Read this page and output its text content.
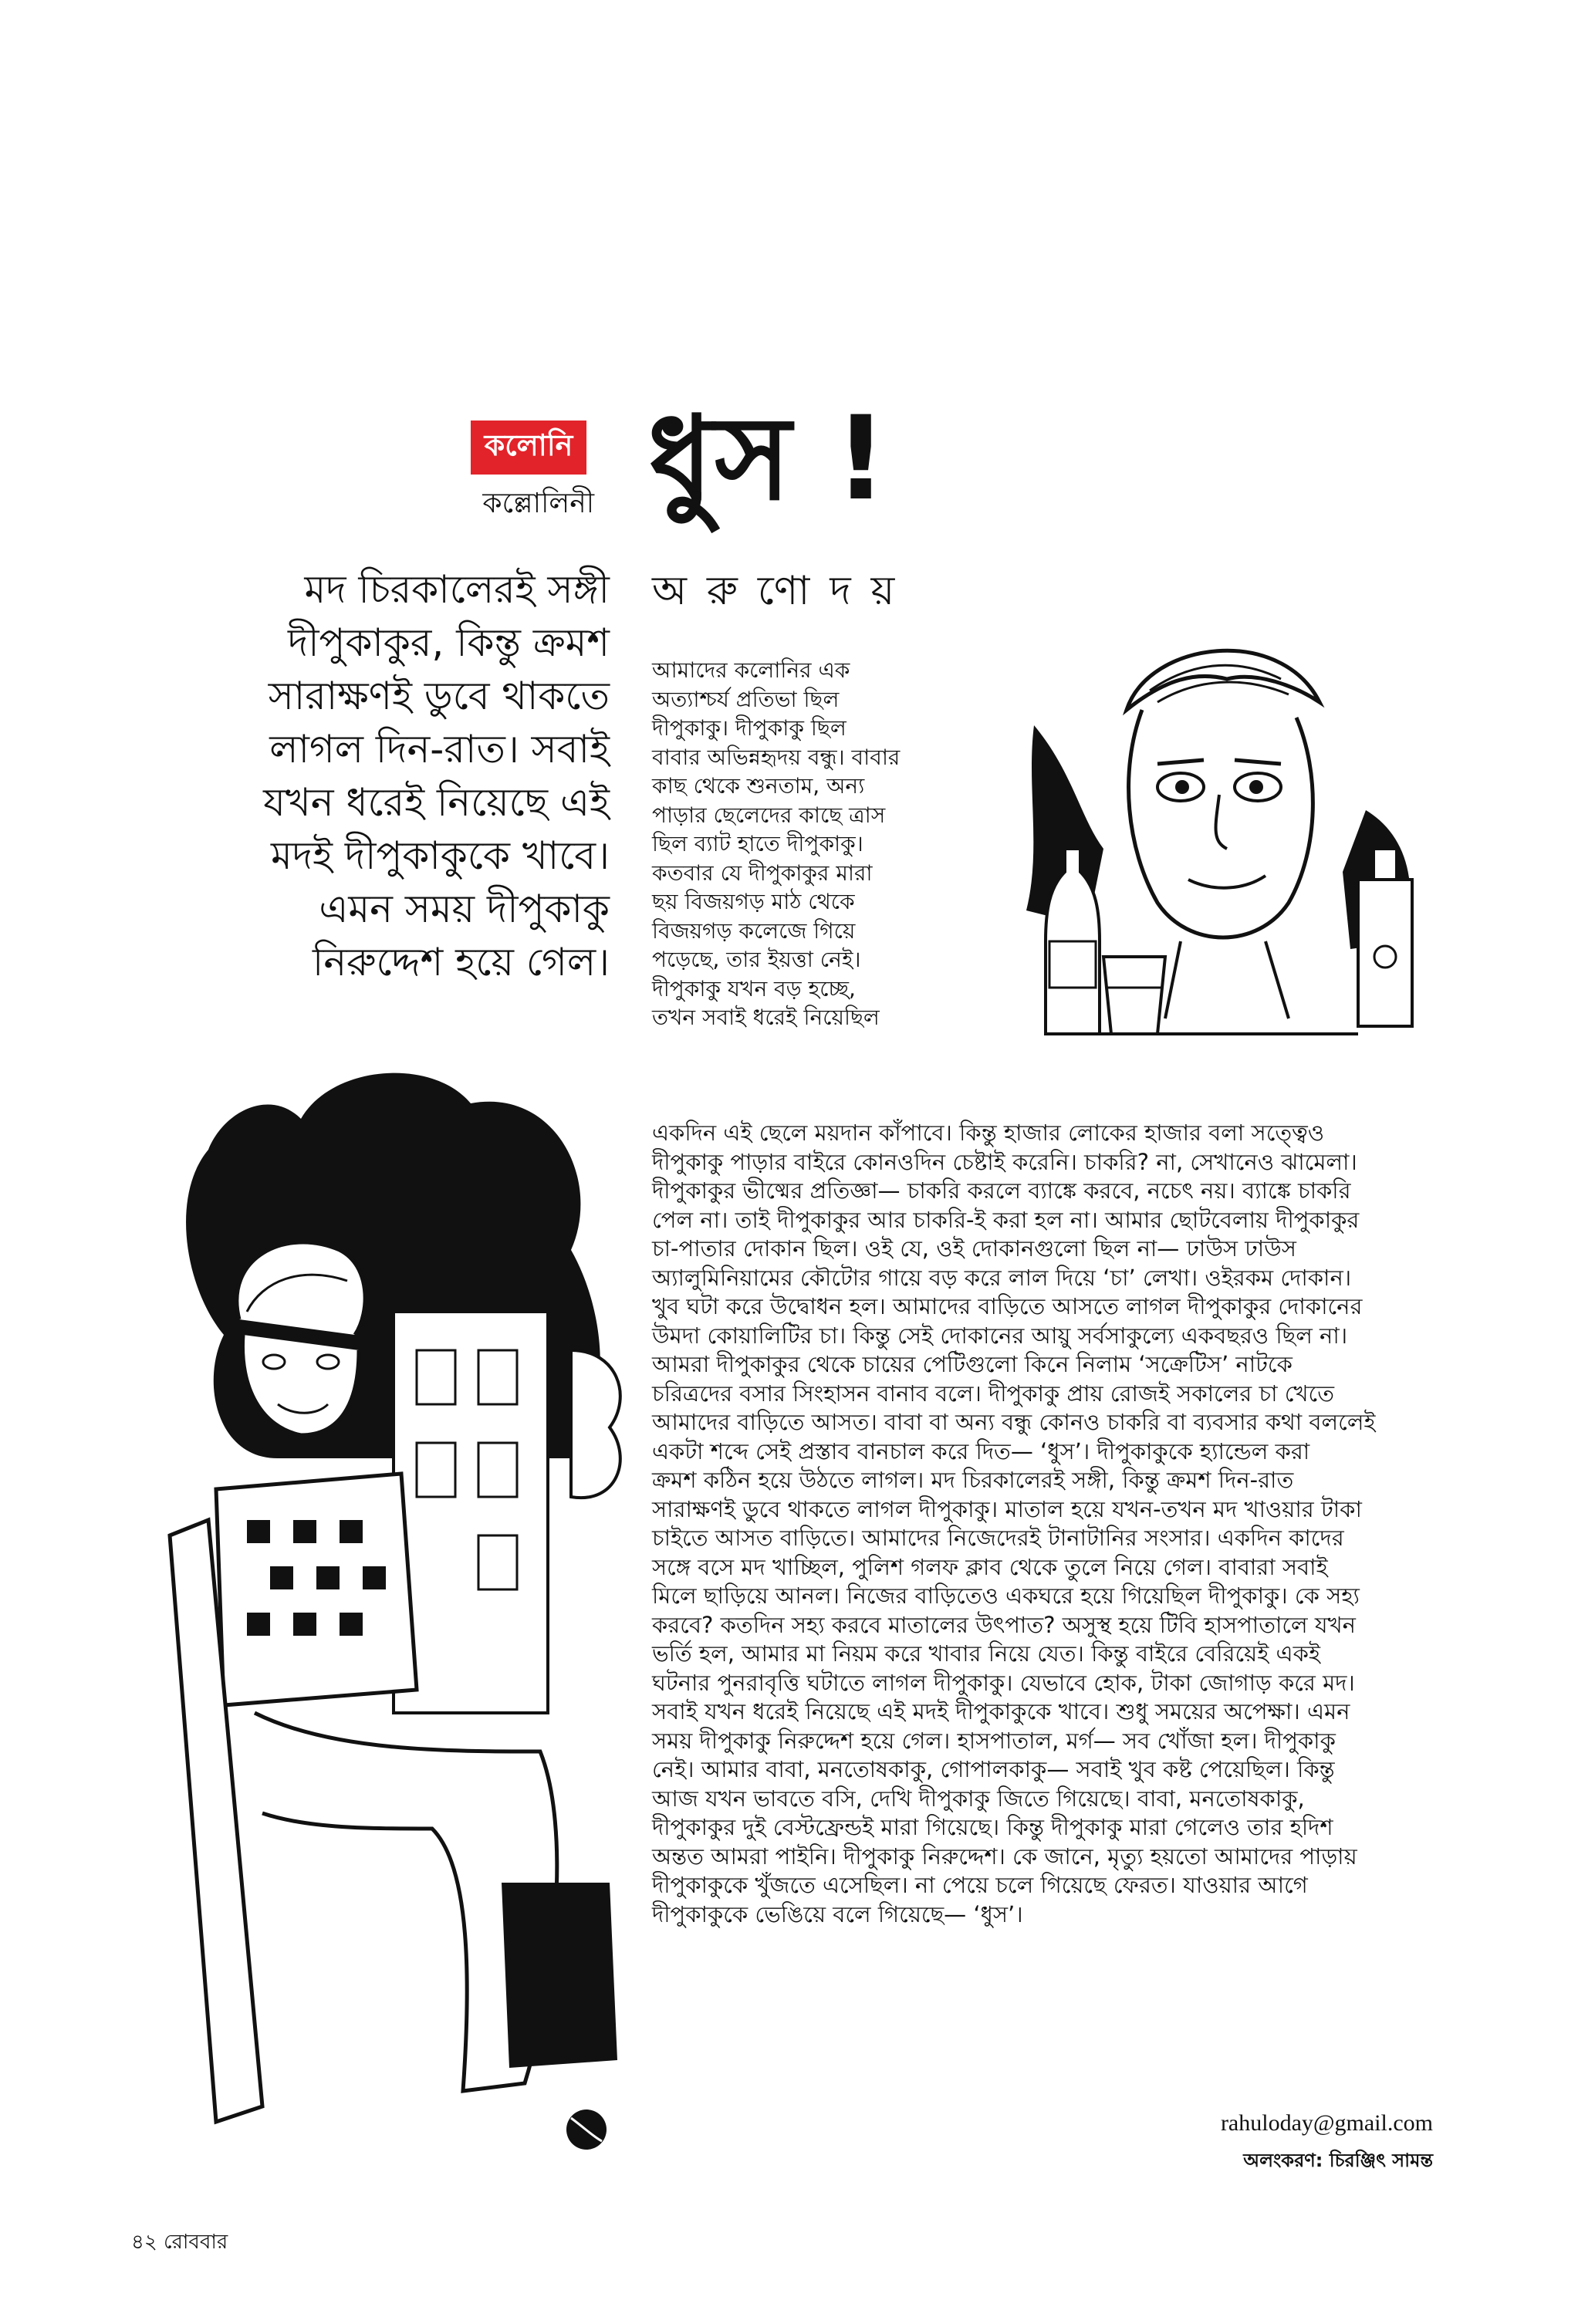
কলোনি
কল্লোলিনী ধুস !
অরুণোদয়
মদ চিরকালেরই সঙ্গী
দীপুকাকুর, কিন্তু ক্রমশ
সারাক্ষণই ডুবে থাকতে
লাগল দিন-রাত। সবাই
যখন ধরেই নিয়েছে এই
মদই দীপুকাকুকে খাবে।
এমন সময় দীপুকাকু
নিরুদ্দেশ হয়ে গেল।
আমাদের কলোনির এক
অত্যাশ্চর্য প্রতিভা ছিল
দীপুকাকু। দীপুকাকু ছিল
বাবার অভিন্নহৃদয় বন্ধু। বাবার
কাছ থেকে শুনতাম, অন্য
পাড়ার ছেলেদের কাছে ত্রাস
ছিল ব্যাট হাতে দীপুকাকু।
কতবার যে দীপুকাকুর মারা
ছয় বিজয়গড় মাঠ থেকে
বিজয়গড় কলেজে গিয়ে
পড়েছে, তার ইয়ত্তা নেই।
দীপুকাকু যখন বড় হচ্ছে,
তখন সবাই ধরেই নিয়েছিল
একদিন এই ছেলে ময়দান কাঁপাবে। কিন্তু হাজার লোকের হাজার বলা সত্ত্বেও
দীপুকাকু পাড়ার বাইরে কোনওদিন চেষ্টাই করেনি। চাকরি? না, সেখানেও ঝামেলা।
দীপুকাকুর ভীষ্মের প্রতিজ্ঞা— চাকরি করলে ব্যাঙ্কে করবে, নচেৎ নয়। ব্যাঙ্কে চাকরি
পেল না। তাই দীপুকাকুর আর চাকরি-ই করা হল না। আমার ছোটবেলায় দীপুকাকুর
চা-পাতার দোকান ছিল। ওই যে, ওই দোকানগুলো ছিল না— ঢাউস ঢাউস
অ্যালুমিনিয়ামের কৌটোর গায়ে বড় করে লাল দিয়ে ‘চা’ লেখা। ওইরকম দোকান।
খুব ঘটা করে উদ্বোধন হল। আমাদের বাড়িতে আসতে লাগল দীপুকাকুর দোকানের
উমদা কোয়ালিটির চা। কিন্তু সেই দোকানের আয়ু সর্বসাকুল্যে একবছরও ছিল না।
আমরা দীপুকাকুর থেকে চায়ের পেটিগুলো কিনে নিলাম ‘সক্রেটিস’ নাটকে
চরিত্রদের বসার সিংহাসন বানাব বলে। দীপুকাকু প্রায় রোজই সকালের চা খেতে
আমাদের বাড়িতে আসত। বাবা বা অন্য বন্ধু কোনও চাকরি বা ব্যবসার কথা বললেই
একটা শব্দে সেই প্রস্তাব বানচাল করে দিত— ‘ধুস’। দীপুকাকুকে হ্যান্ডেল করা
ক্রমশ কঠিন হয়ে উঠতে লাগল। মদ চিরকালেরই সঙ্গী, কিন্তু ক্রমশ দিন-রাত
সারাক্ষণই ডুবে থাকতে লাগল দীপুকাকু। মাতাল হয়ে যখন-তখন মদ খাওয়ার টাকা
চাইতে আসত বাড়িতে। আমাদের নিজেদেরই টানাটানির সংসার। একদিন কাদের
সঙ্গে বসে মদ খাচ্ছিল, পুলিশ গলফ ক্লাব থেকে তুলে নিয়ে গেল। বাবারা সবাই
মিলে ছাড়িয়ে আনল। নিজের বাড়িতেও একঘরে হয়ে গিয়েছিল দীপুকাকু। কে সহ্য
করবে? কতদিন সহ্য করবে মাতালের উৎপাত? অসুস্থ হয়ে টিবি হাসপাতালে যখন
ভর্তি হল, আমার মা নিয়ম করে খাবার নিয়ে যেত। কিন্তু বাইরে বেরিয়েই একই
ঘটনার পুনরাবৃত্তি ঘটাতে লাগল দীপুকাকু। যেভাবে হোক, টাকা জোগাড় করে মদ।
সবাই যখন ধরেই নিয়েছে এই মদই দীপুকাকুকে খাবে। শুধু সময়ের অপেক্ষা। এমন
সময় দীপুকাকু নিরুদ্দেশ হয়ে গেল। হাসপাতাল, মর্গ— সব খোঁজা হল। দীপুকাকু
নেই। আমার বাবা, মনতোষকাকু, গোপালকাকু— সবাই খুব কষ্ট পেয়েছিল। কিন্তু
আজ যখন ভাবতে বসি, দেখি দীপুকাকু জিতে গিয়েছে। বাবা, মনতোষকাকু,
দীপুকাকুর দুই বেস্টফ্রেন্ডই মারা গিয়েছে। কিন্তু দীপুকাকু মারা গেলেও তার হদিশ
অন্তত আমরা পাইনি। দীপুকাকু নিরুদ্দেশ। কে জানে, মৃত্যু হয়তো আমাদের পাড়ায়
দীপুকাকুকে খুঁজতে এসেছিল। না পেয়ে চলে গিয়েছে ফেরত। যাওয়ার আগে
দীপুকাকুকে ভেঙিয়ে বলে গিয়েছে— ‘ধুস’।
rahuloday@gmail.com
অলংকরণ: চিরঞ্জিৎ সামন্ত
৪২ রোববার
